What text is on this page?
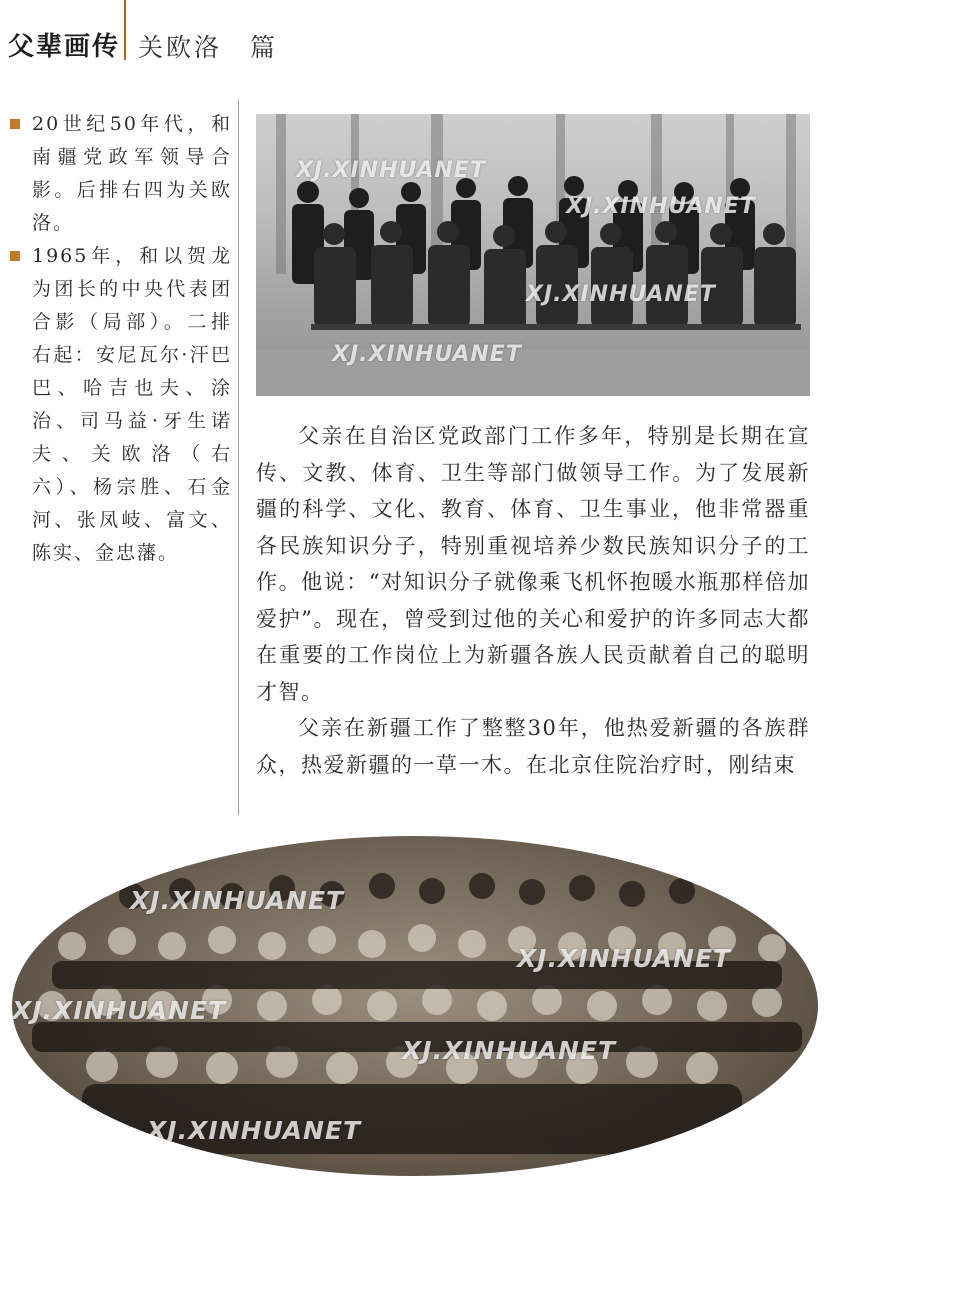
父辈画传 关欧洛　篇
20世纪50年代，和南疆党政军领导合影。后排右四为关欧洛。
1965年，和以贺龙为团长的中央代表团合影（局部）。二排右起：安尼瓦尔·汗巴巴、哈吉也夫、涂治、司马益·牙生诺夫、关欧洛（右六）、杨宗胜、石金河、张凤岐、富文、陈实、金忠藩。
XJ.XINHUANET
XJ.XINHUANET
XJ.XINHUANET
XJ.XINHUANET

父亲在自治区党政部门工作多年，特别是长期在宣传、文教、体育、卫生等部门做领导工作。为了发展新疆的科学、文化、教育、体育、卫生事业，他非常器重各民族知识分子，特别重视培养少数民族知识分子的工作。他说：“对知识分子就像乘飞机怀抱暖水瓶那样倍加爱护”。现在，曾受到过他的关心和爱护的许多同志大都在重要的工作岗位上为新疆各族人民贡献着自己的聪明才智。

父亲在新疆工作了整整30年，他热爱新疆的各族群众，热爱新疆的一草一木。在北京住院治疗时，刚结束

XJ.XINHUANET
XJ.XINHUANET
XJ.XINHUANET
XJ.XINHUANET
XJ.XINHUANET
